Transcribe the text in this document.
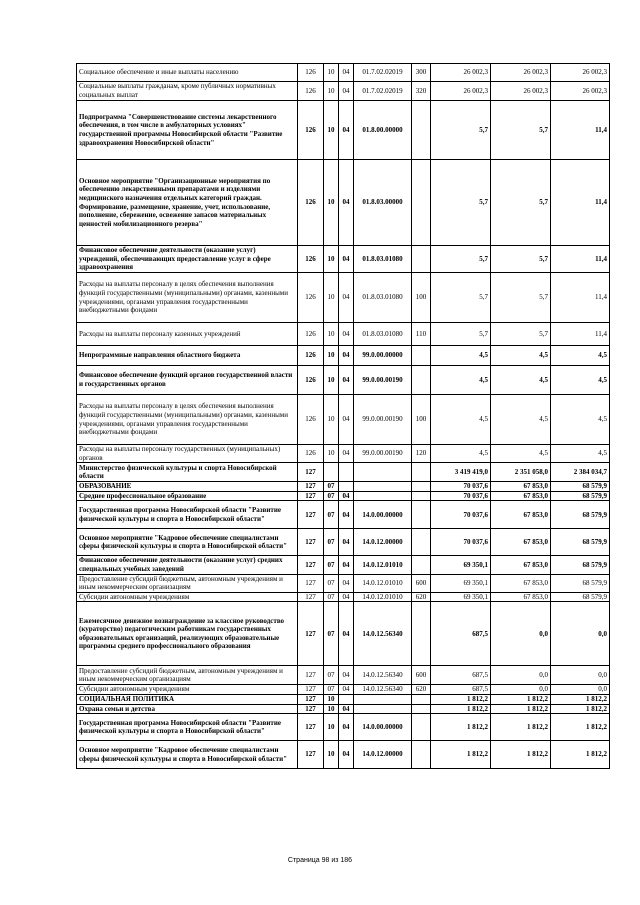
Социальное обеспечение и иные выплаты населению	126	10	04	01.7.02.02019	300	26 002,3	26 002,3	26 002,3
Социальные выплаты гражданам, кроме публичных нормативных социальных выплат	126	10	04	01.7.02.02019	320	26 002,3	26 002,3	26 002,3
Подпрограмма "Совершенствование системы лекарственного обеспечения, в том числе в амбулаторных условиях" государственной программы Новосибирской области "Развитие здравоохранения Новосибирской области"	126	10	04	01.8.00.00000		5,7	5,7	11,4
Основное мероприятие "Организационные мероприятия по обеспечению лекарственными препаратами и изделиями медицинского назначения отдельных категорий граждан. Формирование, размещение, хранение, учет, использование, пополнение, сбережение, освежение запасов материальных ценностей мобилизационного резерва"	126	10	04	01.8.03.00000		5,7	5,7	11,4
Финансовое обеспечение деятельности (оказание услуг) учреждений, обеспечивающих предоставление услуг в сфере здравоохранения	126	10	04	01.8.03.01080		5,7	5,7	11,4
Расходы на выплаты персоналу в целях обеспечения выполнения функций государственными (муниципальными) органами, казенными учреждениями, органами управления государственными внебюджетными фондами	126	10	04	01.8.03.01080	100	5,7	5,7	11,4
Расходы на выплаты персоналу казенных учреждений	126	10	04	01.8.03.01080	110	5,7	5,7	11,4
Непрограммные направления областного бюджета	126	10	04	99.0.00.00000		4,5	4,5	4,5
Финансовое обеспечение функций органов государственной власти и государственных органов	126	10	04	99.0.00.00190		4,5	4,5	4,5
Расходы на выплаты персоналу в целях обеспечения выполнения функций государственными (муниципальными) органами, казенными учреждениями, органами управления государственными внебюджетными фондами	126	10	04	99.0.00.00190	100	4,5	4,5	4,5
Расходы на выплаты персоналу государственных (муниципальных) органов	126	10	04	99.0.00.00190	120	4,5	4,5	4,5
Министерство физической культуры и спорта Новосибирской области	127					3 419 419,0	2 351 058,0	2 384 034,7
ОБРАЗОВАНИЕ	127	07				70 037,6	67 853,0	68 579,9
Среднее профессиональное образование	127	07	04			70 037,6	67 853,0	68 579,9
Государственная программа Новосибирской области "Развитие физической культуры и спорта в Новосибирской области"	127	07	04	14.0.00.00000		70 037,6	67 853,0	68 579,9
Основное мероприятие "Кадровое обеспечение специалистами сферы физической культуры и спорта в Новосибирской области"	127	07	04	14.0.12.00000		70 037,6	67 853,0	68 579,9
Финансовое обеспечение деятельности (оказание услуг) средних специальных учебных заведений	127	07	04	14.0.12.01010		69 350,1	67 853,0	68 579,9
Предоставление субсидий бюджетным, автономным учреждениям и иным некоммерческим организациям	127	07	04	14.0.12.01010	600	69 350,1	67 853,0	68 579,9
Субсидии автономным учреждениям	127	07	04	14.0.12.01010	620	69 350,1	67 853,0	68 579,9
Ежемесячное денежное вознаграждение за классное руководство (кураторство) педагогическим работникам государственных образовательных организаций, реализующих образовательные программы среднего профессионального образования	127	07	04	14.0.12.56340		687,5	0,0	0,0
Предоставление субсидий бюджетным, автономным учреждениям и иным некоммерческим организациям	127	07	04	14.0.12.56340	600	687,5	0,0	0,0
Субсидии автономным учреждениям	127	07	04	14.0.12.56340	620	687,5	0,0	0,0
СОЦИАЛЬНАЯ ПОЛИТИКА	127	10				1 812,2	1 812,2	1 812,2
Охрана семьи и детства	127	10	04			1 812,2	1 812,2	1 812,2
Государственная программа Новосибирской области "Развитие физической культуры и спорта в Новосибирской области"	127	10	04	14.0.00.00000		1 812,2	1 812,2	1 812,2
Основное мероприятие "Кадровое обеспечение специалистами сферы физической культуры и спорта в Новосибирской области"	127	10	04	14.0.12.00000		1 812,2	1 812,2	1 812,2
Страница 98 из 186
